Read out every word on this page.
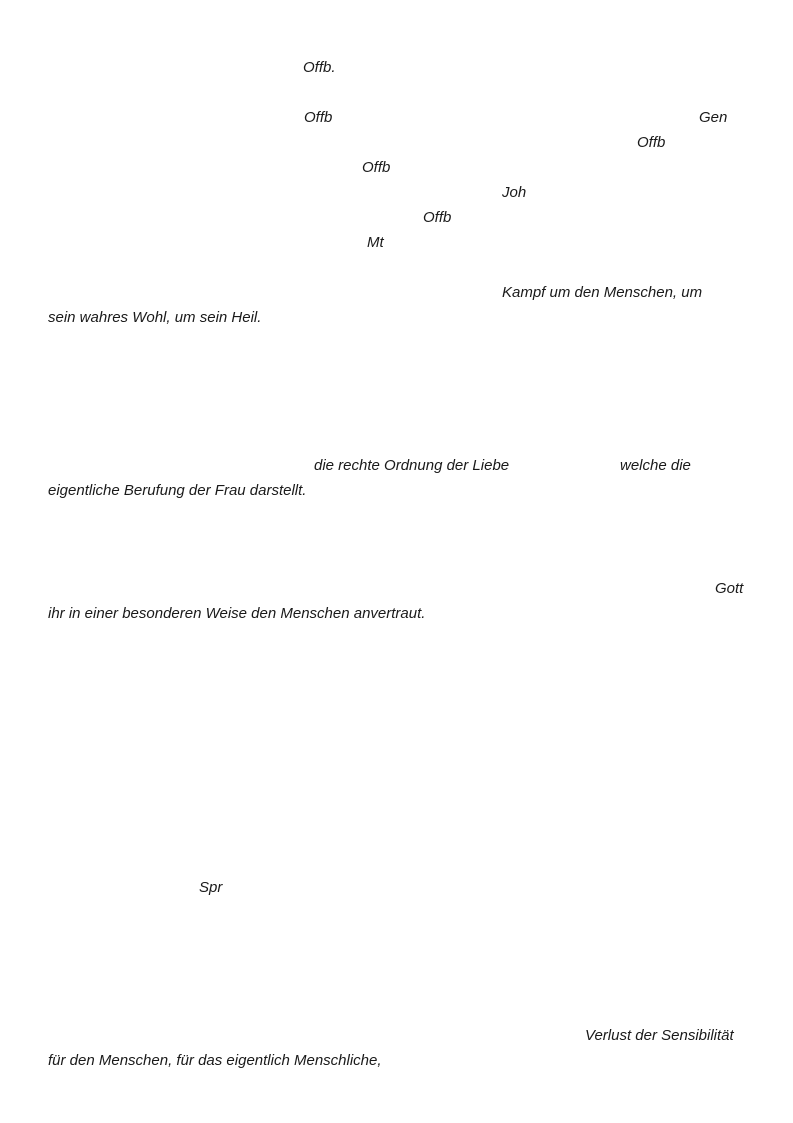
Offb.
Offb	Gen
Offb
Offb
Joh
Offb
Mt
Kampf um den Menschen, um
sein wahres Wohl, um sein Heil.
die rechte Ordnung der Liebe	welche die
eigentliche Berufung der Frau darstellt.
Gott
ihr in einer besonderen Weise den Menschen anvertraut.
Spr
Verlust der Sensibilität
für den Menschen, für das eigentlich Menschliche,
